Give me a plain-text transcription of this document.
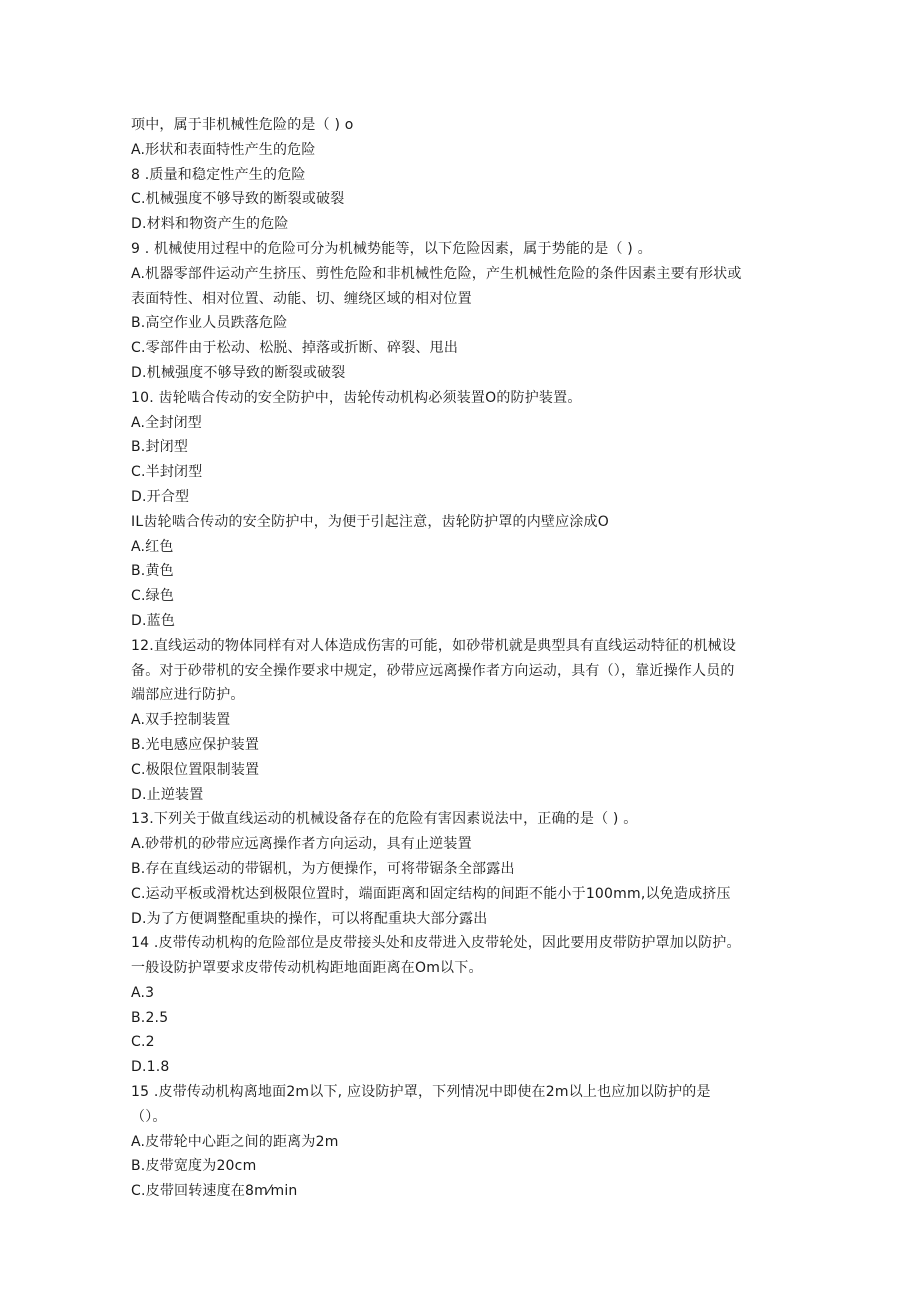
项中，属于非机械性危险的是（ ) o
A.形状和表面特性产生的危险
8 .质量和稳定性产生的危险
C.机械强度不够导致的断裂或破裂
D.材料和物资产生的危险
9 . 机械使用过程中的危险可分为机械势能等，以下危险因素，属于势能的是（ ) 。
A.机器零部件运动产生挤压、剪性危险和非机械性危险，产生机械性危险的条件因素主要有形状或
表面特性、相对位置、动能、切、缠绕区域的相对位置
B.高空作业人员跌落危险
C.零部件由于松动、松脱、掉落或折断、碎裂、甩出
D.机械强度不够导致的断裂或破裂
10. 齿轮啮合传动的安全防护中，齿轮传动机构必须装置O的防护装置。
A.全封闭型
B.封闭型
C.半封闭型
D.开合型
IL齿轮啮合传动的安全防护中，为便于引起注意，齿轮防护罩的内壁应涂成O
A.红色
B.黄色
C.绿色
D.蓝色
12.直线运动的物体同样有对人体造成伤害的可能，如砂带机就是典型具有直线运动特征的机械设
备。对于砂带机的安全操作要求中规定，砂带应远离操作者方向运动，具有（），靠近操作人员的
端部应进行防护。
A.双手控制装置
B.光电感应保护装置
C.极限位置限制装置
D.止逆装置
13.下列关于做直线运动的机械设备存在的危险有害因素说法中，正确的是（ ) 。
A.砂带机的砂带应远离操作者方向运动，具有止逆装置
B.存在直线运动的带锯机，为方便操作，可将带锯条全部露出
C.运动平板或滑枕达到极限位置时，端面距离和固定结构的间距不能小于100mm,以免造成挤压
D.为了方便调整配重块的操作，可以将配重块大部分露出
14 .皮带传动机构的危险部位是皮带接头处和皮带进入皮带轮处，因此要用皮带防护罩加以防护。
一般设防护罩要求皮带传动机构距地面距离在Om以下。
A.3
B.2.5
C.2
D.1.8
15 .皮带传动机构离地面2m以下, 应设防护罩，下列情况中即使在2m以上也应加以防护的是
（）。
A.皮带轮中心距之间的距离为2m
B.皮带宽度为20cm
C.皮带回转速度在8m⁄min
